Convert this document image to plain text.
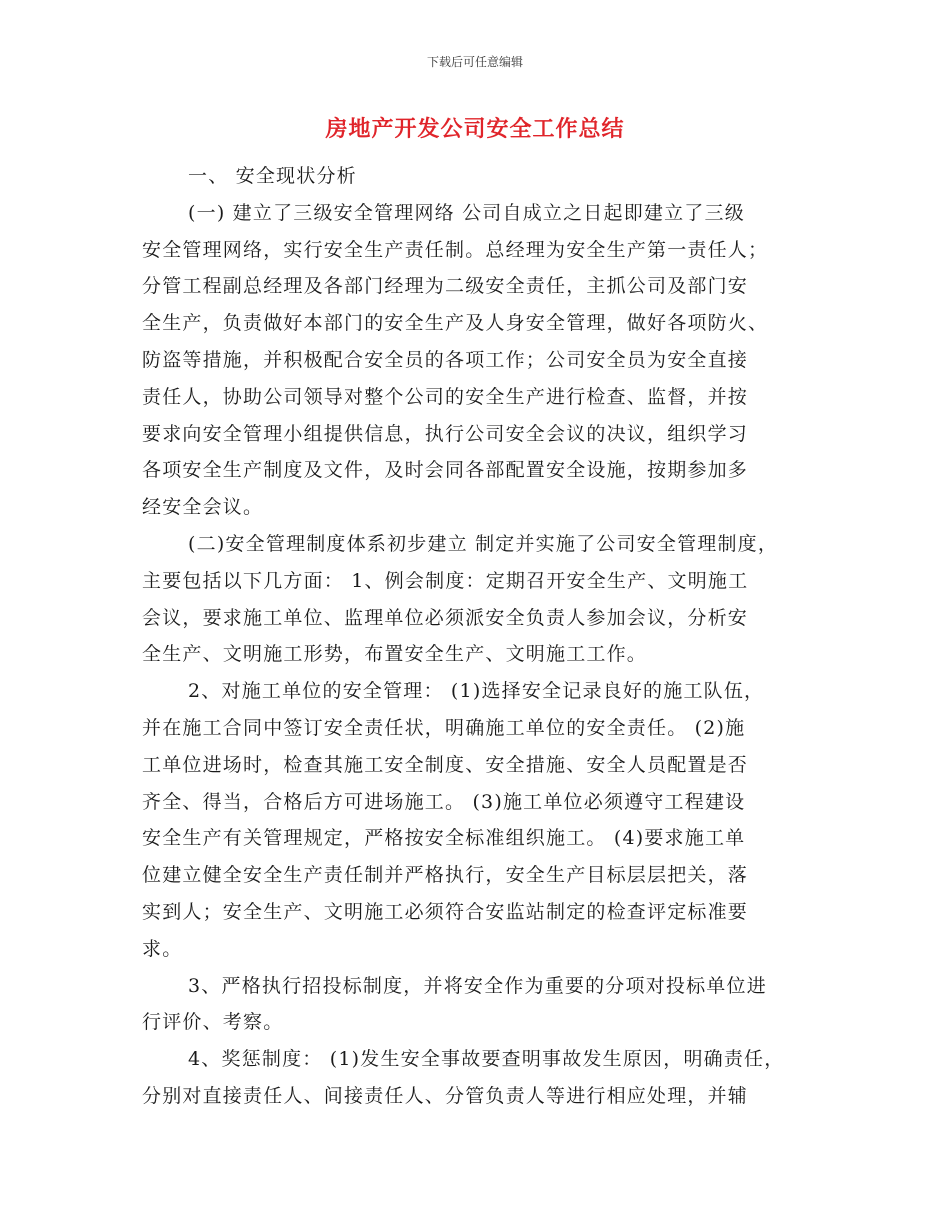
下载后可任意编辑
房地产开发公司安全工作总结
一、 安全现状分析
(一) 建立了三级安全管理网络 公司自成立之日起即建立了三级
安全管理网络，实行安全生产责任制。总经理为安全生产第一责任人；
分管工程副总经理及各部门经理为二级安全责任，主抓公司及部门安
全生产，负责做好本部门的安全生产及人身安全管理，做好各项防火、
防盗等措施，并积极配合安全员的各项工作；公司安全员为安全直接
责任人，协助公司领导对整个公司的安全生产进行检查、监督，并按
要求向安全管理小组提供信息，执行公司安全会议的决议，组织学习
各项安全生产制度及文件，及时会同各部配置安全设施，按期参加多
经安全会议。
(二)安全管理制度体系初步建立 制定并实施了公司安全管理制度，
主要包括以下几方面： 1、例会制度：定期召开安全生产、文明施工
会议，要求施工单位、监理单位必须派安全负责人参加会议，分析安
全生产、文明施工形势，布置安全生产、文明施工工作。
2、对施工单位的安全管理： (1)选择安全记录良好的施工队伍，
并在施工合同中签订安全责任状，明确施工单位的安全责任。 (2)施
工单位进场时，检查其施工安全制度、安全措施、安全人员配置是否
齐全、得当，合格后方可进场施工。 (3)施工单位必须遵守工程建设
安全生产有关管理规定，严格按安全标准组织施工。 (4)要求施工单
位建立健全安全生产责任制并严格执行，安全生产目标层层把关，落
实到人；安全生产、文明施工必须符合安监站制定的检查评定标准要
求。
3、严格执行招投标制度，并将安全作为重要的分项对投标单位进
行评价、考察。
4、奖惩制度： (1)发生安全事故要查明事故发生原因，明确责任，
分别对直接责任人、间接责任人、分管负责人等进行相应处理，并辅
